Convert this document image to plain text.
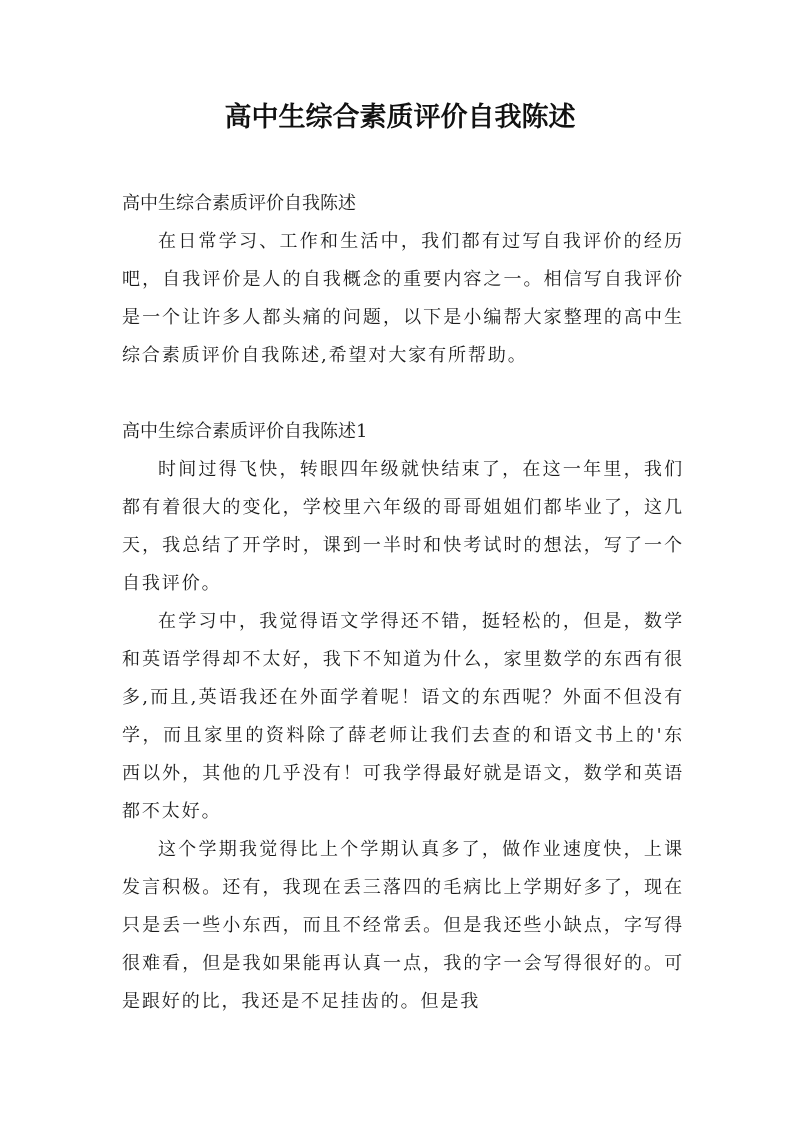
高中生综合素质评价自我陈述

高中生综合素质评价自我陈述

在日常学习、工作和生活中，我们都有过写自我评价的经历吧，自我评价是人的自我概念的重要内容之一。相信写自我评价是一个让许多人都头痛的问题，以下是小编帮大家整理的高中生综合素质评价自我陈述,希望对大家有所帮助。

高中生综合素质评价自我陈述1

时间过得飞快，转眼四年级就快结束了，在这一年里，我们都有着很大的变化，学校里六年级的哥哥姐姐们都毕业了，这几天，我总结了开学时，课到一半时和快考试时的想法，写了一个自我评价。

在学习中，我觉得语文学得还不错，挺轻松的，但是，数学和英语学得却不太好，我下不知道为什么，家里数学的东西有很多,而且,英语我还在外面学着呢！语文的东西呢？外面不但没有学，而且家里的资料除了薛老师让我们去查的和语文书上的'东西以外，其他的几乎没有！可我学得最好就是语文，数学和英语都不太好。

这个学期我觉得比上个学期认真多了，做作业速度快，上课发言积极。还有，我现在丢三落四的毛病比上学期好多了，现在只是丢一些小东西，而且不经常丢。但是我还些小缺点，字写得很难看，但是我如果能再认真一点，我的字一会写得很好的。可是跟好的比，我还是不足挂齿的。但是我
